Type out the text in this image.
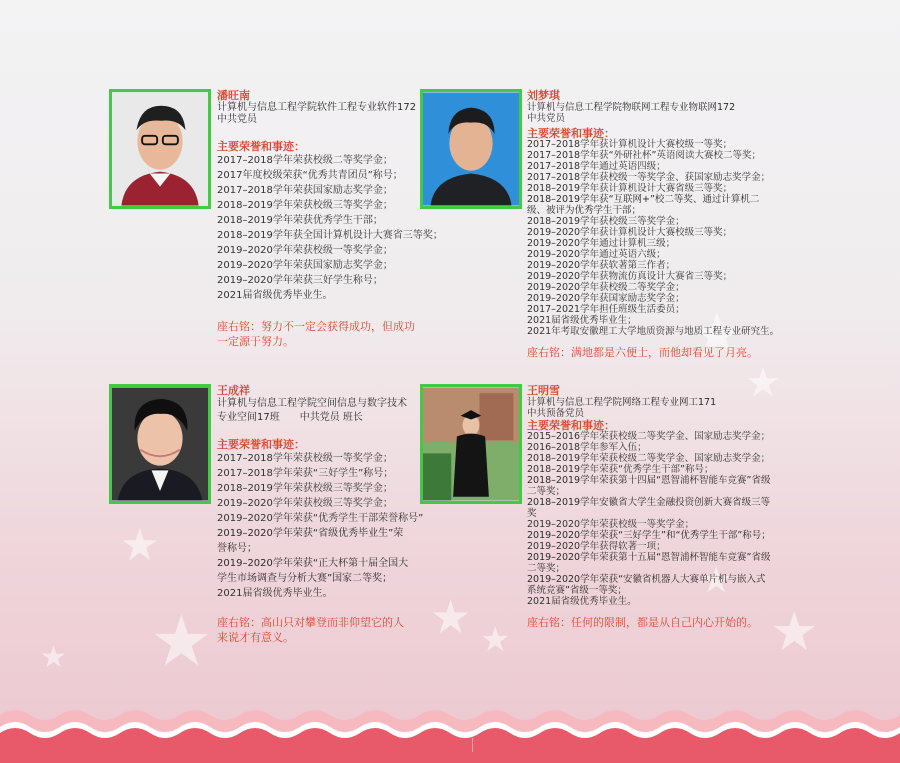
★
★
★
★	★ ★
★
★
★
潘旺南
计算机与信息工程学院软件工程专业软件172
中共党员
主要荣誉和事迹：
2017–2018学年荣获校级二等奖学金；
2017年度校级荣获“优秀共青团员”称号；
2017–2018学年荣获国家励志奖学金；
2018–2019学年荣获校级三等奖学金；
2018–2019学年荣获优秀学生干部；
2018–2019学年获全国计算机设计大赛省三等奖；
2019–2020学年荣获校级一等奖学金；
2019–2020学年荣获国家励志奖学金；
2019–2020学年荣获三好学生称号；
2021届省级优秀毕业生。
座右铭：努力不一定会获得成功，但成功一定源于努力。
刘梦琪
计算机与信息工程学院物联网工程专业物联网172
中共党员
主要荣誉和事迹：
2017–2018学年获计算机设计大赛校级一等奖；
2017–2018学年获“外研社杯”英语阅读大赛校二等奖；
2017–2018学年通过英语四级；
2017–2018学年获校级一等奖学金、获国家励志奖学金；
2018–2019学年获计算机设计大赛省级三等奖；
2018–2019学年获“互联网+”校二等奖、通过计算机二级、被评为优秀学生干部；
2018–2019学年获校级三等奖学金；
2019–2020学年获计算机设计大赛校级三等奖；
2019–2020学年通过计算机三级；
2019–2020学年通过英语六级；
2019–2020学年获软著第三作者；
2019–2020学年获物流仿真设计大赛省三等奖；
2019–2020学年获校级二等奖学金；
2019–2020学年获国家励志奖学金；
2017–2021学年担任班级生活委员；
2021届省级优秀毕业生；
2021年考取安徽理工大学地质资源与地质工程专业研究生。
座右铭：满地都是六便士，而他却看见了月亮。
王成祥
计算机与信息工程学院空间信息与数字技术专业空间17班　　中共党员 班长
主要荣誉和事迹：
2017–2018学年荣获校级一等奖学金；
2017–2018学年荣获“三好学生”称号；
2018–2019学年荣获校级三等奖学金；
2019–2020学年荣获校级三等奖学金；
2019–2020学年荣获“优秀学生干部荣誉称号”
2019–2020学年荣获“省级优秀毕业生”荣誉称号；
2019–2020学年荣获“正大杯第十届全国大学生市场调查与分析大赛”国家二等奖；
2021届省级优秀毕业生。
座右铭：高山只对攀登而非仰望它的人来说才有意义。
王明雪
计算机与信息工程学院网络工程专业网工171
中共预备党员
主要荣誉和事迹：
2015–2016学年荣获校级二等奖学金、国家励志奖学金；
2016–2018学年参军入伍；
2018–2019学年荣获校级二等奖学金、国家励志奖学金；
2018–2019学年荣获“优秀学生干部”称号；
2018–2019学年荣获第十四届“恩智浦杯智能车竞赛”省级二等奖；
2018–2019学年安徽省大学生金融投资创新大赛省级三等奖
2019–2020学年荣获校级一等奖学金；
2019–2020学年荣获“三好学生”和“优秀学生干部”称号；
2019–2020学年获得软著一项；
2019–2020学年荣获第十五届“恩智浦杯智能车竞赛”省级二等奖；
2019–2020学年荣获“安徽省机器人大赛单片机与嵌入式系统竞赛”省级一等奖；
2021届省级优秀毕业生。
座右铭：任何的限制，都是从自己内心开始的。
